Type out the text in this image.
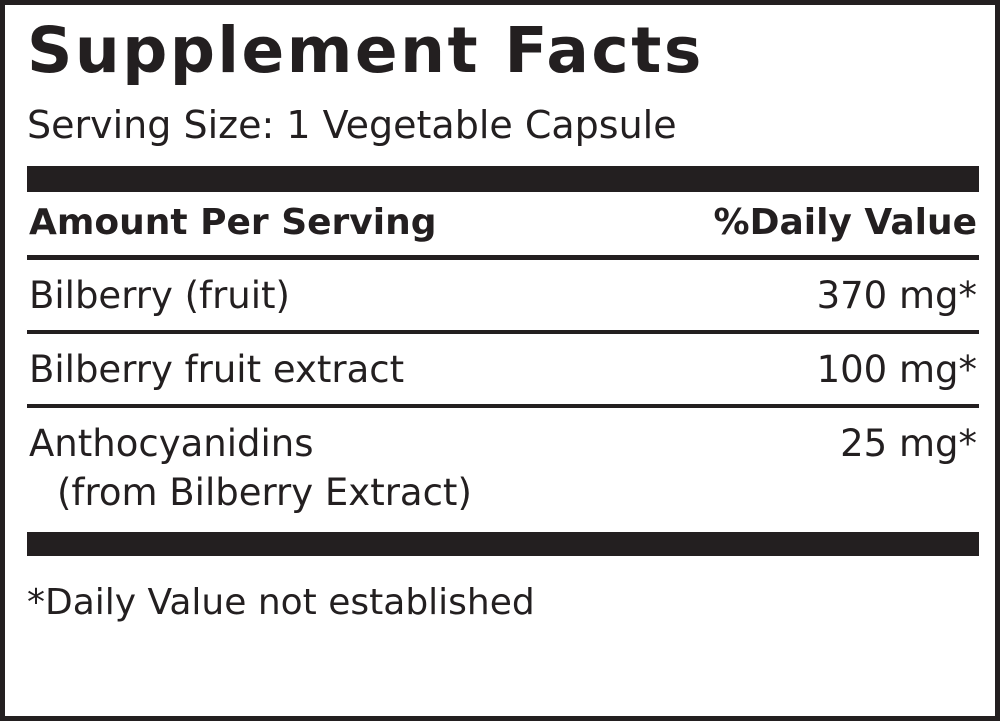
Supplement Facts
Serving Size: 1 Vegetable Capsule
Amount Per Serving	%Daily Value
Bilberry (fruit)	370 mg*
Bilberry fruit extract	100 mg*
Anthocyanidins	25 mg*
(from Bilberry Extract)
*Daily Value not established
